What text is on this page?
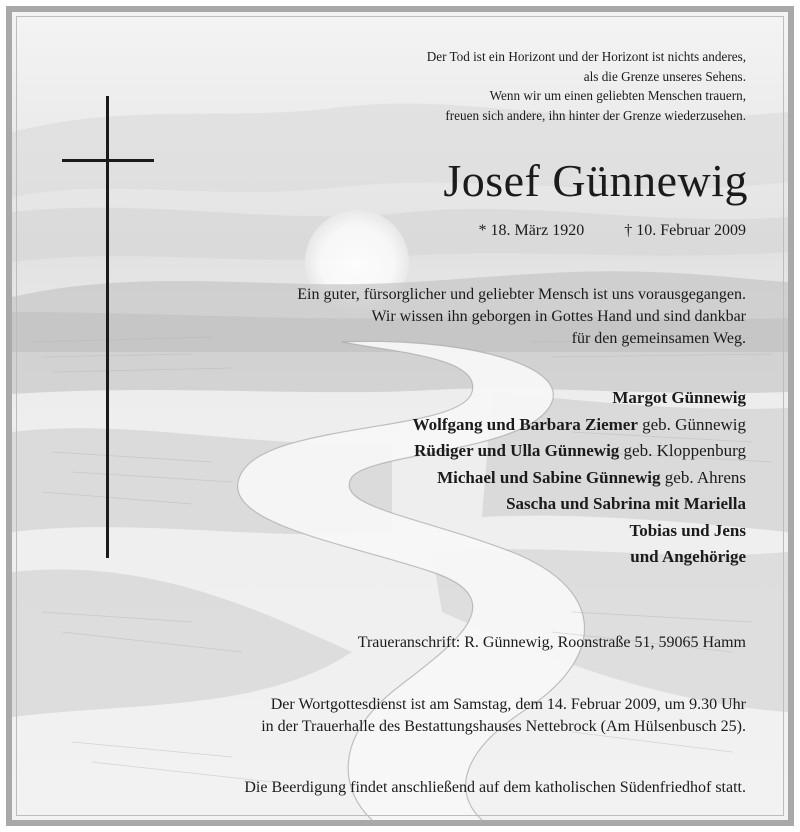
Der Tod ist ein Horizont und der Horizont ist nichts anderes,
als die Grenze unseres Sehens.
Wenn wir um einen geliebten Menschen trauern,
freuen sich andere, ihn hinter der Grenze wiederzusehen.
Josef Günnewig
* 18. März 1920	† 10. Februar 2009
Ein guter, fürsorglicher und geliebter Mensch ist uns vorausgegangen.
Wir wissen ihn geborgen in Gottes Hand und sind dankbar
für den gemeinsamen Weg.
Margot Günnewig
Wolfgang und Barbara Ziemer geb. Günnewig
Rüdiger und Ulla Günnewig geb. Kloppenburg
Michael und Sabine Günnewig geb. Ahrens
Sascha und Sabrina mit Mariella
Tobias und Jens
und Angehörige
Traueranschrift: R. Günnewig, Roonstraße 51, 59065 Hamm
Der Wortgottesdienst ist am Samstag, dem 14. Februar 2009, um 9.30 Uhr
in der Trauerhalle des Bestattungshauses Nettebrock (Am Hülsenbusch 25).
Die Beerdigung findet anschließend auf dem katholischen Südenfriedhof statt.
